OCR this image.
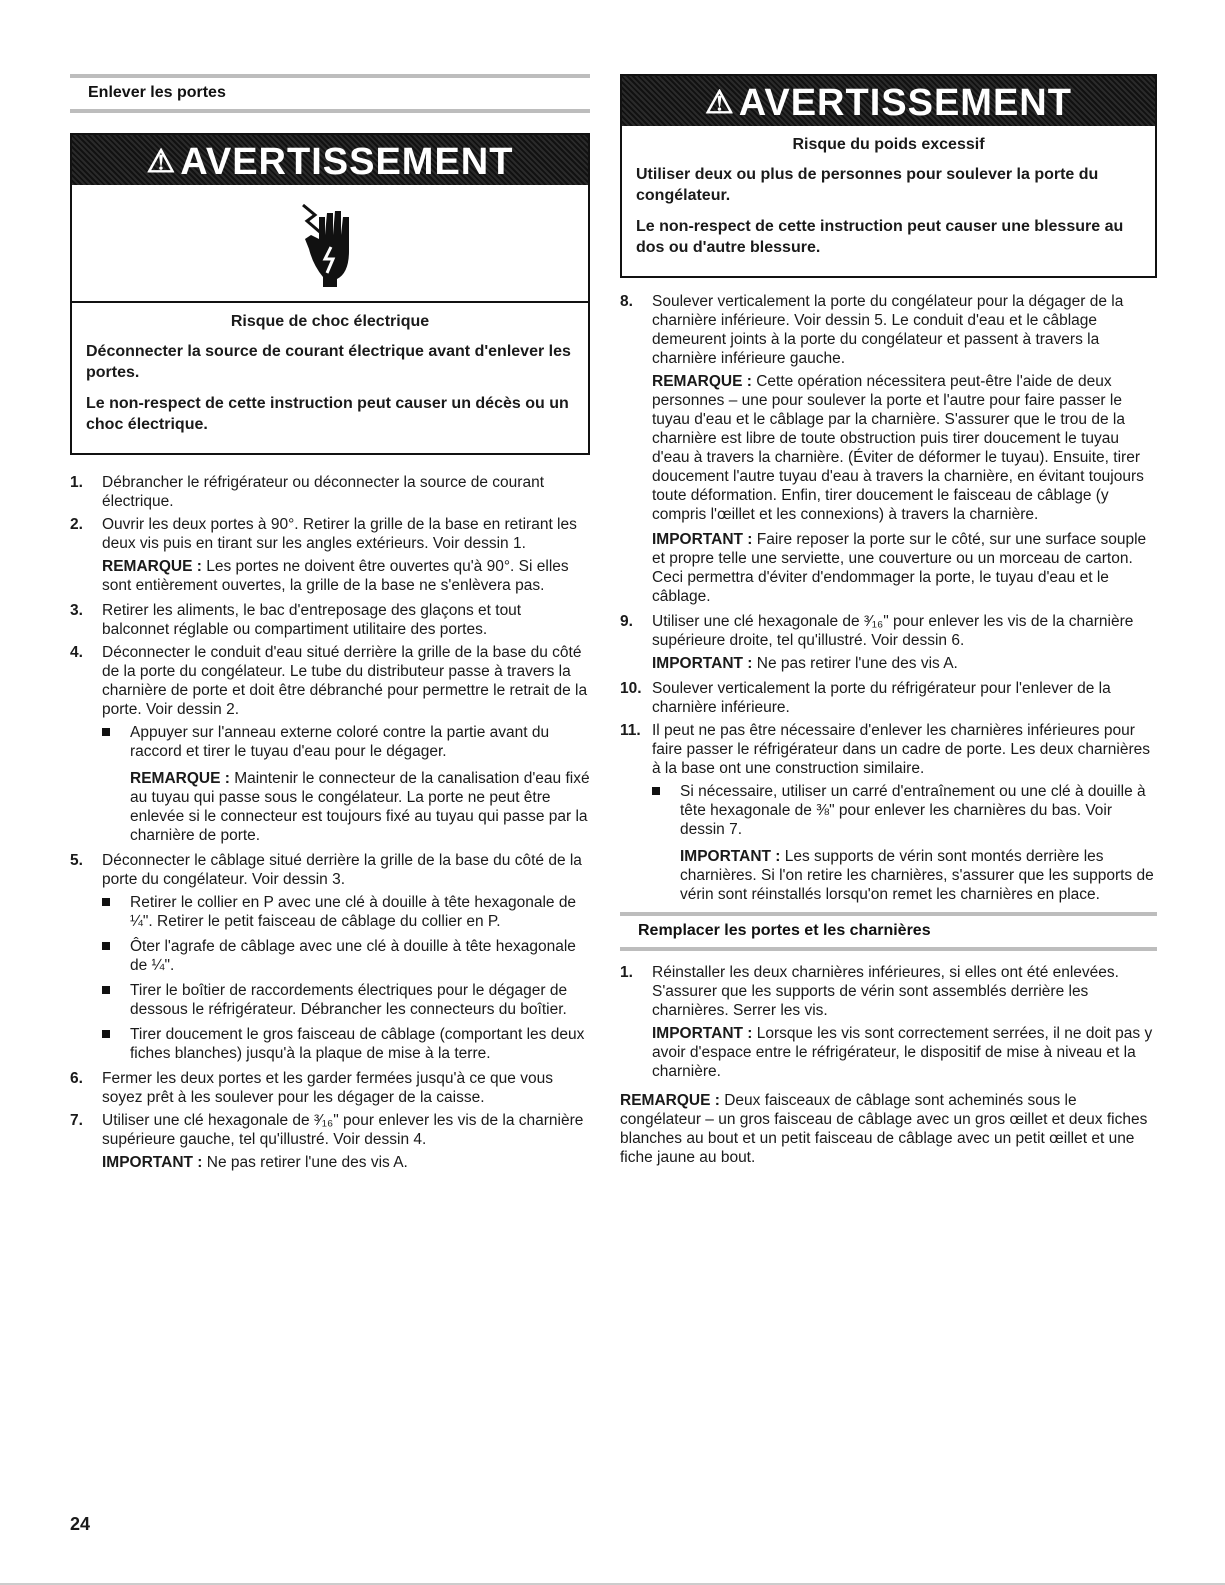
Enlever les portes
⚠ AVERTISSEMENT
Risque de choc électrique

Déconnecter la source de courant électrique avant d'enlever les portes.

Le non-respect de cette instruction peut causer un décès ou un choc électrique.

1. Débrancher le réfrigérateur ou déconnecter la source de courant électrique.
2. Ouvrir les deux portes à 90°. Retirer la grille de la base en retirant les deux vis puis en tirant sur les angles extérieurs. Voir dessin 1.
REMARQUE : Les portes ne doivent être ouvertes qu'à 90°. Si elles sont entièrement ouvertes, la grille de la base ne s'enlèvera pas.
3. Retirer les aliments, le bac d'entreposage des glaçons et tout balconnet réglable ou compartiment utilitaire des portes.
4. Déconnecter le conduit d'eau situé derrière la grille de la base du côté de la porte du congélateur. Le tube du distributeur passe à travers la charnière de porte et doit être débranché pour permettre le retrait de la porte. Voir dessin 2.
Appuyer sur l'anneau externe coloré contre la partie avant du raccord et tirer le tuyau d'eau pour le dégager.
REMARQUE : Maintenir le connecteur de la canalisation d'eau fixé au tuyau qui passe sous le congélateur. La porte ne peut être enlevée si le connecteur est toujours fixé au tuyau qui passe par la charnière de porte.
5. Déconnecter le câblage situé derrière la grille de la base du côté de la porte du congélateur. Voir dessin 3.
Retirer le collier en P avec une clé à douille à tête hexagonale de ¼". Retirer le petit faisceau de câblage du collier en P.
Ôter l'agrafe de câblage avec une clé à douille à tête hexagonale de ¼".
Tirer le boîtier de raccordements électriques pour le dégager de dessous le réfrigérateur. Débrancher les connecteurs du boîtier.
Tirer doucement le gros faisceau de câblage (comportant les deux fiches blanches) jusqu'à la plaque de mise à la terre.
6. Fermer les deux portes et les garder fermées jusqu'à ce que vous soyez prêt à les soulever pour les dégager de la caisse.
7. Utiliser une clé hexagonale de ³⁄₁₆" pour enlever les vis de la charnière supérieure gauche, tel qu'illustré. Voir dessin 4.
IMPORTANT : Ne pas retirer l'une des vis A.
⚠ AVERTISSEMENT
Risque du poids excessif

Utiliser deux ou plus de personnes pour soulever la porte du congélateur.

Le non-respect de cette instruction peut causer une blessure au dos ou d'autre blessure.

8. Soulever verticalement la porte du congélateur pour la dégager de la charnière inférieure. Voir dessin 5. Le conduit d'eau et le câblage demeurent joints à la porte du congélateur et passent à travers la charnière inférieure gauche.
REMARQUE : Cette opération nécessitera peut-être l'aide de deux personnes – une pour soulever la porte et l'autre pour faire passer le tuyau d'eau et le câblage par la charnière. S'assurer que le trou de la charnière est libre de toute obstruction puis tirer doucement le tuyau d'eau à travers la charnière. (Éviter de déformer le tuyau). Ensuite, tirer doucement l'autre tuyau d'eau à travers la charnière, en évitant toujours toute déformation. Enfin, tirer doucement le faisceau de câblage (y compris l'œillet et les connexions) à travers la charnière.
IMPORTANT : Faire reposer la porte sur le côté, sur une surface souple et propre telle une serviette, une couverture ou un morceau de carton. Ceci permettra d'éviter d'endommager la porte, le tuyau d'eau et le câblage.
9. Utiliser une clé hexagonale de ³⁄₁₆" pour enlever les vis de la charnière supérieure droite, tel qu'illustré. Voir dessin 6.
IMPORTANT : Ne pas retirer l'une des vis A.
10. Soulever verticalement la porte du réfrigérateur pour l'enlever de la charnière inférieure.
11. Il peut ne pas être nécessaire d'enlever les charnières inférieures pour faire passer le réfrigérateur dans un cadre de porte. Les deux charnières à la base ont une construction similaire.
Si nécessaire, utiliser un carré d'entraînement ou une clé à douille à tête hexagonale de ⅜" pour enlever les charnières du bas. Voir dessin 7.
IMPORTANT : Les supports de vérin sont montés derrière les charnières. Si l'on retire les charnières, s'assurer que les supports de vérin sont réinstallés lorsqu'on remet les charnières en place.
Remplacer les portes et les charnières
1. Réinstaller les deux charnières inférieures, si elles ont été enlevées. S'assurer que les supports de vérin sont assemblés derrière les charnières. Serrer les vis.
IMPORTANT : Lorsque les vis sont correctement serrées, il ne doit pas y avoir d'espace entre le réfrigérateur, le dispositif de mise à niveau et la charnière.

REMARQUE : Deux faisceaux de câblage sont acheminés sous le congélateur – un gros faisceau de câblage avec un gros œillet et deux fiches blanches au bout et un petit faisceau de câblage avec un petit œillet et une fiche jaune au bout.

24
